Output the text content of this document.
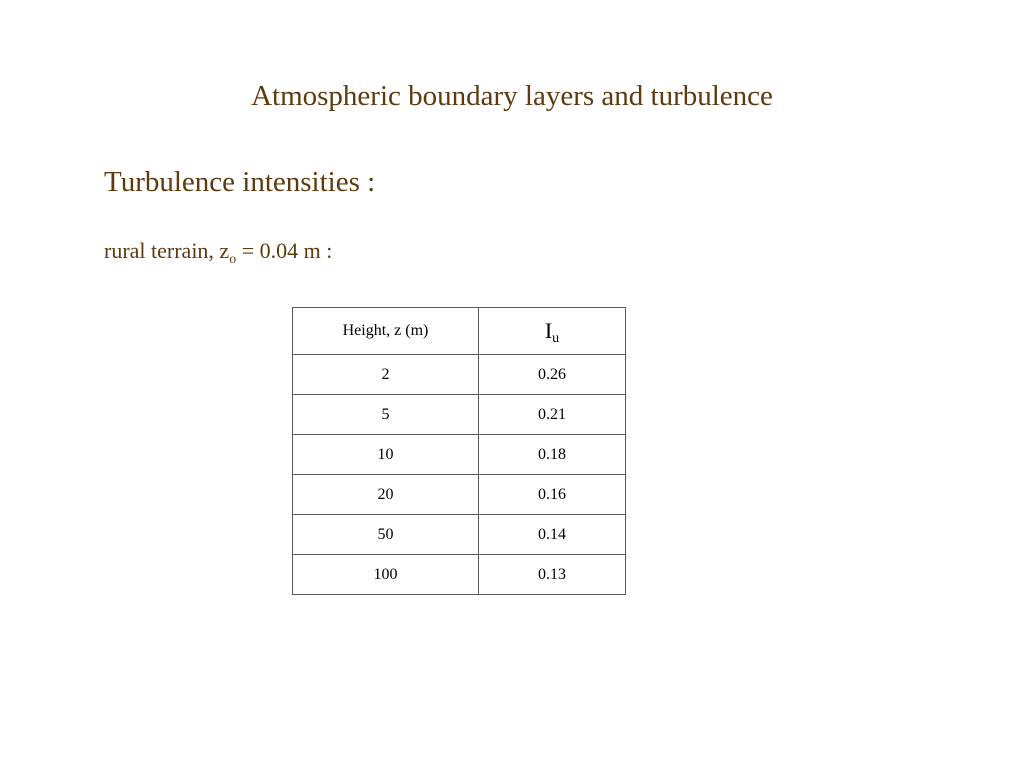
Atmospheric boundary layers and turbulence
Turbulence intensities :
rural terrain, $z_o = 0.04$ m :
Height, z (m)	$I_u$
2	0.26
5	0.21
10	0.18
20	0.16
50	0.14
100	0.13
